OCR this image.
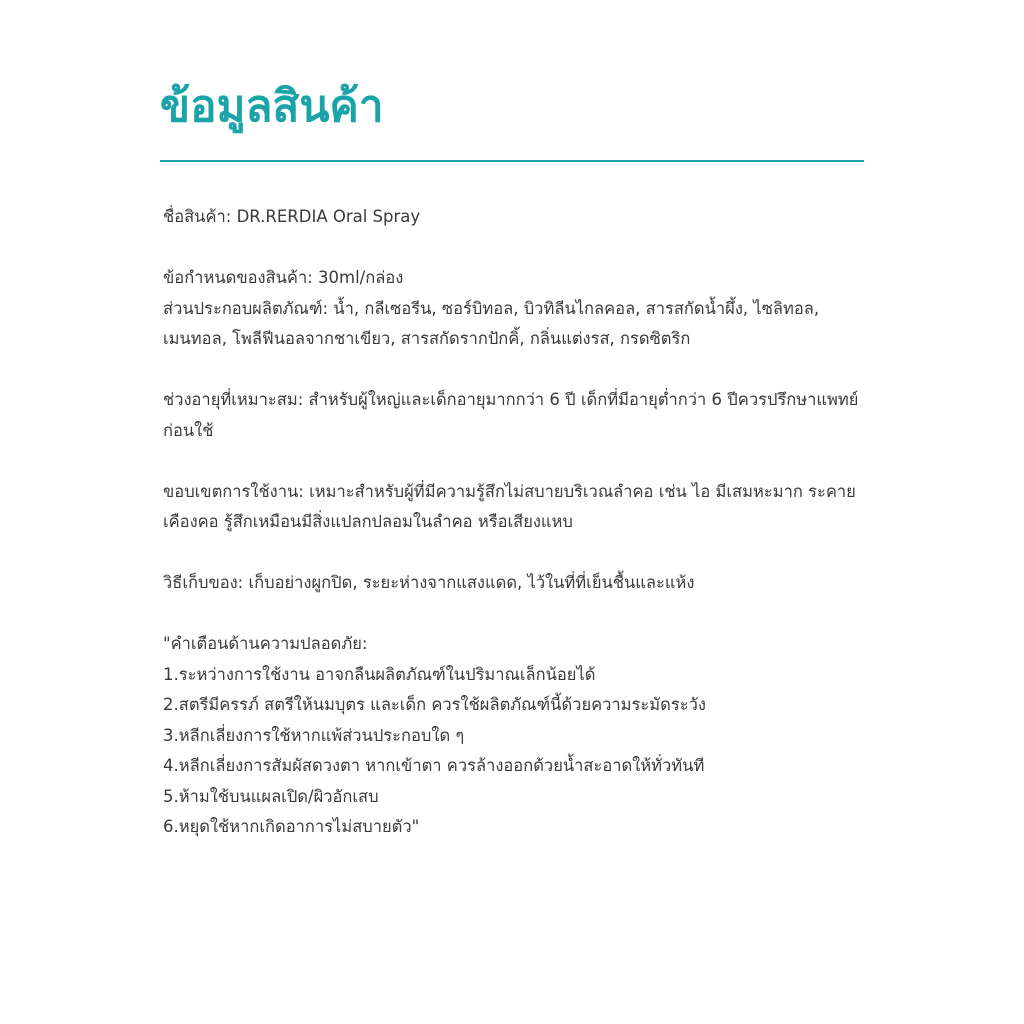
ข้อมูลสินค้า
ชื่อสินค้า: DR.RERDIA Oral Spray
ข้อกำหนดของสินค้า: 30ml/กล่อง
ส่วนประกอบผลิตภัณฑ์: น้ำ, กลีเซอรีน, ซอร์บิทอล, บิวทิลีนไกลคอล, สารสกัดน้ำผึ้ง, ไซลิทอล, เมนทอล, โพลีฟีนอลจากชาเขียว, สารสกัดรากปักคิ้, กลิ่นแต่งรส, กรดซิตริก
ช่วงอายุที่เหมาะสม: สำหรับผู้ใหญ่และเด็กอายุมากกว่า 6 ปี เด็กที่มีอายุต่ำกว่า 6 ปีควรปรึกษาแพทย์ก่อนใช้
ขอบเขตการใช้งาน: เหมาะสำหรับผู้ที่มีความรู้สึกไม่สบายบริเวณลำคอ เช่น ไอ มีเสมหะมาก ระคายเคืองคอ รู้สึกเหมือนมีสิ่งแปลกปลอมในลำคอ หรือเสียงแหบ
วิธีเก็บของ: เก็บอย่างผูกปิด, ระยะห่างจากแสงแดด, ไว้ในที่ที่เย็นชื้นและแห้ง
"คำเตือนด้านความปลอดภัย:
1.ระหว่างการใช้งาน อาจกลืนผลิตภัณฑ์ในปริมาณเล็กน้อยได้
2.สตรีมีครรภ์ สตรีให้นมบุตร และเด็ก ควรใช้ผลิตภัณฑ์นี้ด้วยความระมัดระวัง
3.หลีกเลี่ยงการใช้หากแพ้ส่วนประกอบใด ๆ
4.หลีกเลี่ยงการสัมผัสดวงตา หากเข้าตา ควรล้างออกด้วยน้ำสะอาดให้ทั่วทันที
5.ห้ามใช้บนแผลเปิด/ผิวอักเสบ
6.หยุดใช้หากเกิดอาการไม่สบายตัว"
